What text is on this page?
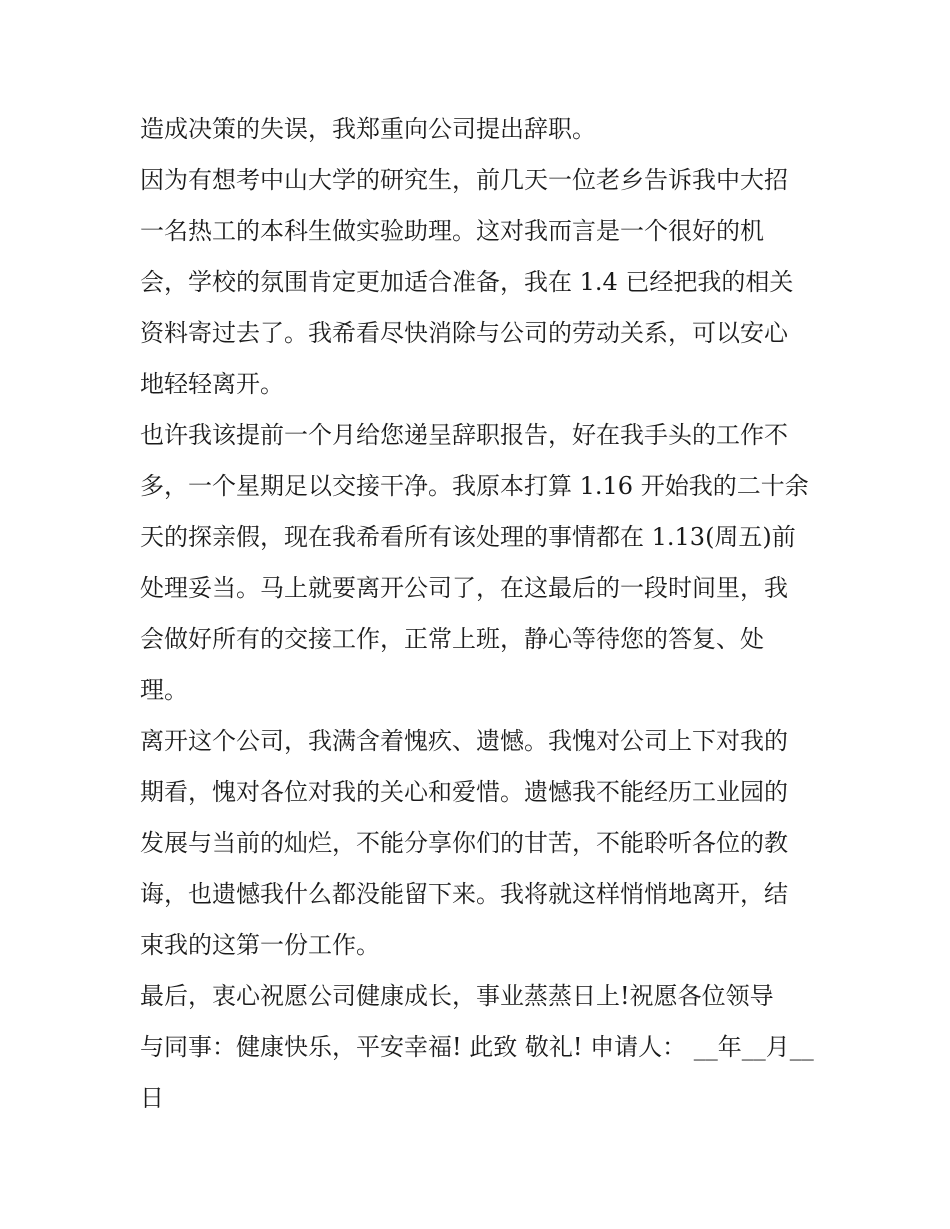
造成决策的失误，我郑重向公司提出辞职。
因为有想考中山大学的研究生，前几天一位老乡告诉我中大招
一名热工的本科生做实验助理。这对我而言是一个很好的机
会，学校的氛围肯定更加适合准备，我在 1.4 已经把我的相关
资料寄过去了。我希看尽快消除与公司的劳动关系，可以安心
地轻轻离开。
也许我该提前一个月给您递呈辞职报告，好在我手头的工作不
多，一个星期足以交接干净。我原本打算 1.16 开始我的二十余
天的探亲假，现在我希看所有该处理的事情都在 1.13(周五)前
处理妥当。马上就要离开公司了，在这最后的一段时间里，我
会做好所有的交接工作，正常上班，静心等待您的答复、处
理。
离开这个公司，我满含着愧疚、遗憾。我愧对公司上下对我的
期看，愧对各位对我的关心和爱惜。遗憾我不能经历工业园的
发展与当前的灿烂，不能分享你们的甘苦，不能聆听各位的教
诲，也遗憾我什么都没能留下来。我将就这样悄悄地离开，结
束我的这第一份工作。
最后，衷心祝愿公司健康成长，事业蒸蒸日上!祝愿各位领导
与同事：健康快乐，平安幸福! 此致 敬礼! 申请人： __年__月__
日
